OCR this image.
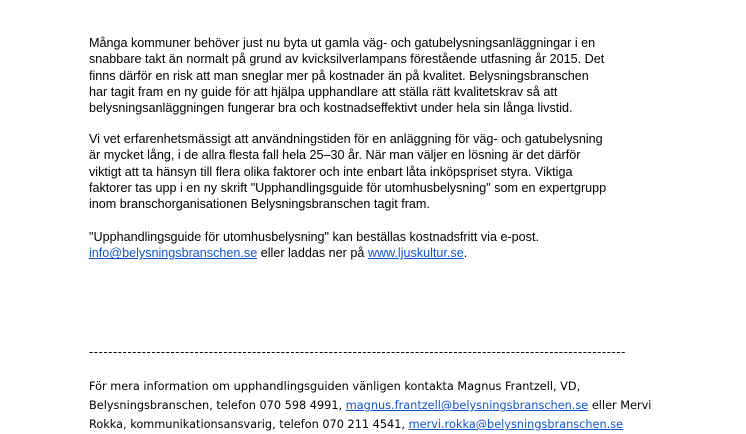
Många kommuner behöver just nu byta ut gamla väg- och gatubelysningsanläggningar i en
snabbare takt än normalt på grund av kvicksilverlampans förestående utfasning år 2015. Det
finns därför en risk att man sneglar mer på kostnader än på kvalitet. Belysningsbranschen
har tagit fram en ny guide för att hjälpa upphandlare att ställa rätt kvalitetskrav så att
belysningsanläggningen fungerar bra och kostnadseffektivt under hela sin långa livstid.
Vi vet erfarenhetsmässigt att användningstiden för en anläggning för väg- och gatubelysning
är mycket lång, i de allra flesta fall hela 25–30 år. När man väljer en lösning är det därför
viktigt att ta hänsyn till flera olika faktorer och inte enbart låta inköpspriset styra. Viktiga
faktorer tas upp i en ny skrift "Upphandlingsguide för utomhusbelysning" som en expertgrupp
inom branschorganisationen Belysningsbranschen tagit fram.
"Upphandlingsguide för utomhusbelysning" kan beställas kostnadsfritt via e-post.
info@belysningsbranschen.se eller laddas ner på www.ljuskultur.se.
----------------------------------------------------------------------------------------------------------------
För mera information om upphandlingsguiden vänligen kontakta Magnus Frantzell, VD,
Belysningsbranschen, telefon 070 598 4991, magnus.frantzell@belysningsbranschen.se eller Mervi
Rokka, kommunikationsansvarig, telefon 070 211 4541, mervi.rokka@belysningsbranschen.se
